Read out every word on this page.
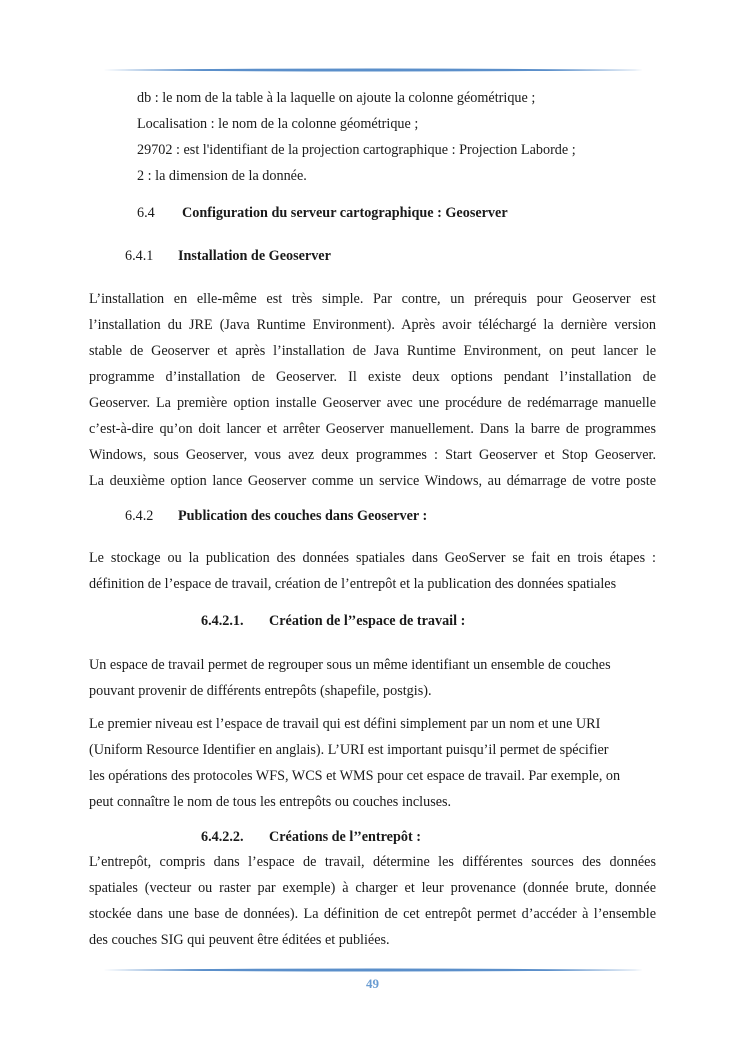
db : le nom de la table à la laquelle on ajoute la colonne géométrique ;
Localisation : le nom de la colonne géométrique ;
29702 : est l'identifiant de la projection cartographique : Projection Laborde ;
2 : la dimension de la donnée.
6.4 Configuration du serveur cartographique : Geoserver
6.4.1 Installation de Geoserver
L’installation en elle-même est très simple. Par contre, un prérequis pour Geoserver est
l’installation du JRE (Java Runtime Environment). Après avoir téléchargé la dernière version
stable de Geoserver et après l’installation de Java Runtime Environment, on peut lancer le
programme d’installation de Geoserver. Il existe deux options pendant l’installation de
Geoserver. La première option installe Geoserver avec une procédure de redémarrage manuelle
c’est-à-dire qu’on doit lancer et arrêter Geoserver manuellement. Dans la barre de programmes
Windows, sous Geoserver, vous avez deux programmes : Start Geoserver et Stop Geoserver.
La deuxième option lance Geoserver comme un service Windows, au démarrage de votre poste
6.4.2 Publication des couches dans Geoserver :
Le stockage ou la publication des données spatiales dans GeoServer se fait en trois étapes :
définition de l’espace de travail, création de l’entrepôt et la publication des données spatiales
6.4.2.1. Création de l’’espace de travail :
Un espace de travail permet de regrouper sous un même identifiant un ensemble de couches
pouvant provenir de différents entrepôts (shapefile, postgis).
Le premier niveau est l’espace de travail qui est défini simplement par un nom et une URI
(Uniform Resource Identifier en anglais). L’URI est important puisqu’il permet de spécifier
les opérations des protocoles WFS, WCS et WMS pour cet espace de travail. Par exemple, on
peut connaître le nom de tous les entrepôts ou couches incluses.
6.4.2.2. Créations de l’’entrepôt :
L’entrepôt, compris dans l’espace de travail, détermine les différentes sources des données
spatiales (vecteur ou raster par exemple) à charger et leur provenance (donnée brute, donnée
stockée dans une base de données). La définition de cet entrepôt permet d’accéder à l’ensemble
des couches SIG qui peuvent être éditées et publiées.
49
